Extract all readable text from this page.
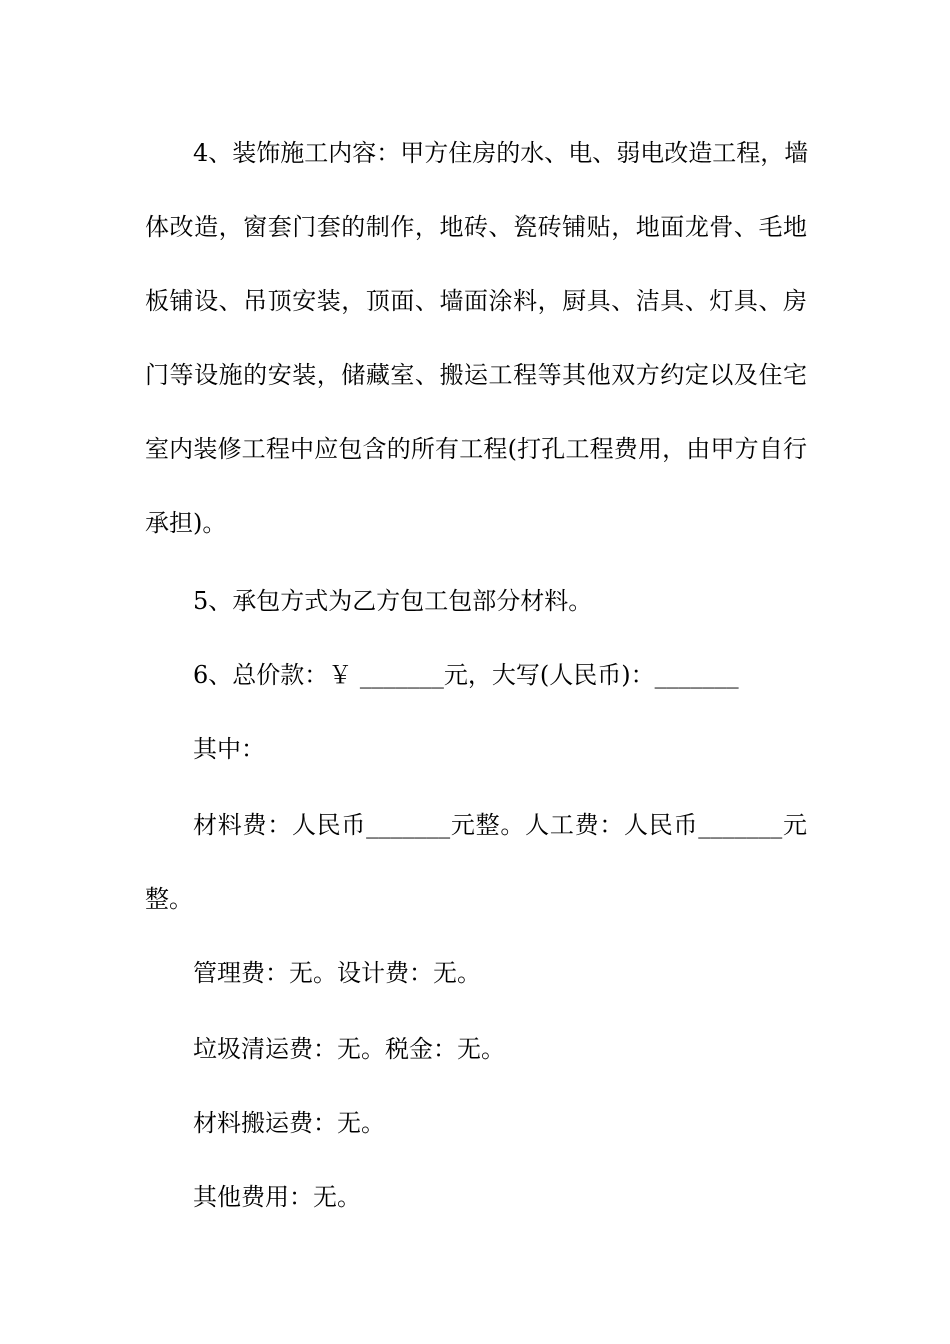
4、装饰施工内容：甲方住房的水、电、弱电改造工程，墙
体改造，窗套门套的制作，地砖、瓷砖铺贴，地面龙骨、毛地
板铺设、吊顶安装，顶面、墙面涂料，厨具、洁具、灯具、房
门等设施的安装，储藏室、搬运工程等其他双方约定以及住宅
室内装修工程中应包含的所有工程(打孔工程费用，由甲方自行
承担)。
5、承包方式为乙方包工包部分材料。
6、总价款：￥ _______元，大写(人民币)：_______
其中：
材料费：人民币_______元整。人工费：人民币_______元
整。
管理费：无。设计费：无。
垃圾清运费：无。税金：无。
材料搬运费：无。
其他费用：无。
